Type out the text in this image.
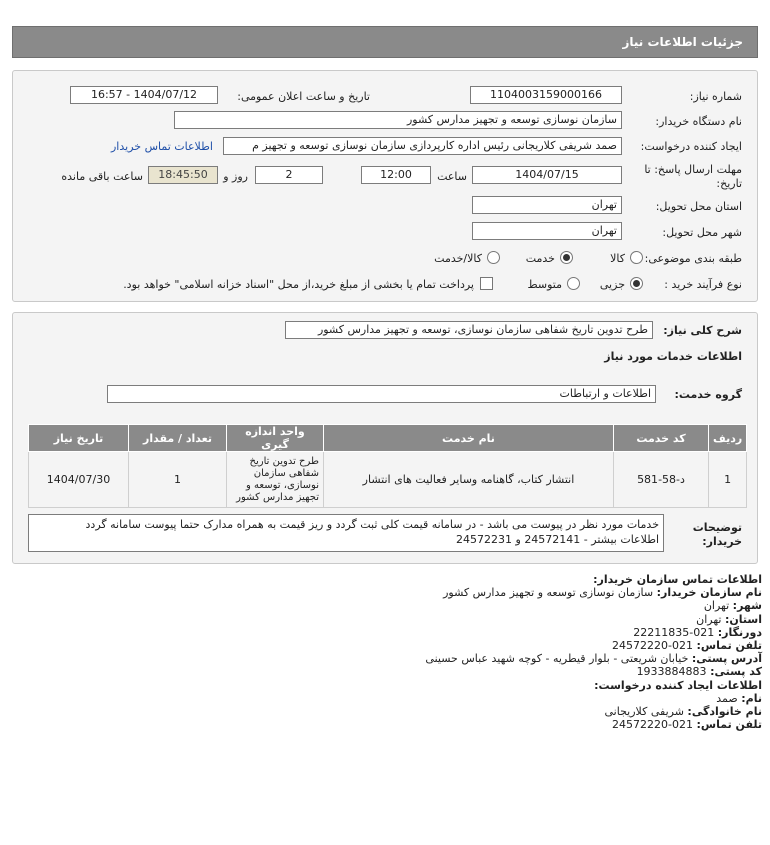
جزئیات اطلاعات نیاز
شماره نیاز:
1104003159000166
تاریخ و ساعت اعلان عمومی:
1404/07/12 - 16:57
نام دستگاه خریدار:
سازمان نوسازی توسعه و تجهیز مدارس کشور
ایجاد کننده درخواست:
صمد شریفی کلاریجانی رئیس اداره کارپردازی سازمان نوسازی توسعه و تجهیز م
اطلاعات تماس خریدار
مهلت ارسال پاسخ: تا
تاریخ:
1404/07/15
ساعت
12:00
2
روز و
18:45:50
ساعت باقی مانده
استان محل تحویل:
تهران
شهر محل تحویل:
تهران
طبقه بندی موضوعی:
کالا
خدمت
کالا/خدمت
نوع فرآیند خرید :
جزیی
متوسط
پرداخت تمام یا بخشی از مبلغ خرید،از محل "اسناد خزانه اسلامی" خواهد بود.
شرح کلی نیاز:
طرح تدوین تاریخ شفاهی سازمان نوسازی، توسعه و تجهیز مدارس کشور
اطلاعات خدمات مورد نیاز
گروه خدمت:
اطلاعات و ارتباطات
ردیف	کد خدمت	نام خدمت	واحد اندازه گیری	تعداد / مقدار	تاریخ نیاز
1	د-58-581	انتشار کتاب، گاهنامه وسایر فعالیت های انتشار	طرح تدوین تاریخ شفاهی سازمان نوسازی، توسعه و تجهیز مدارس کشور	1	1404/07/30
توضیحات
خریدار:
خدمات مورد نظر در پیوست می باشد - در سامانه قیمت کلی ثبت گردد و ریز قیمت به همراه مدارک حتما پیوست سامانه گردد
اطلاعات بیشتر - 24572141 و 24572231
اطلاعات تماس سازمان خریدار:
نام سازمان خریدار: سازمان نوسازی توسعه و تجهیز مدارس کشور
شهر: تهران
استان: تهران
دورنگار: 021-22211835
تلفن تماس: 021-24572220
آدرس پستی: خیابان شریعتی - بلوار قیطریه - کوچه شهید عباس حسینی
کد پستی: 1933884883
اطلاعات ایجاد کننده درخواست:
نام: صمد
نام خانوادگی: شریفی کلاریجانی
تلفن تماس: 021-24572220
